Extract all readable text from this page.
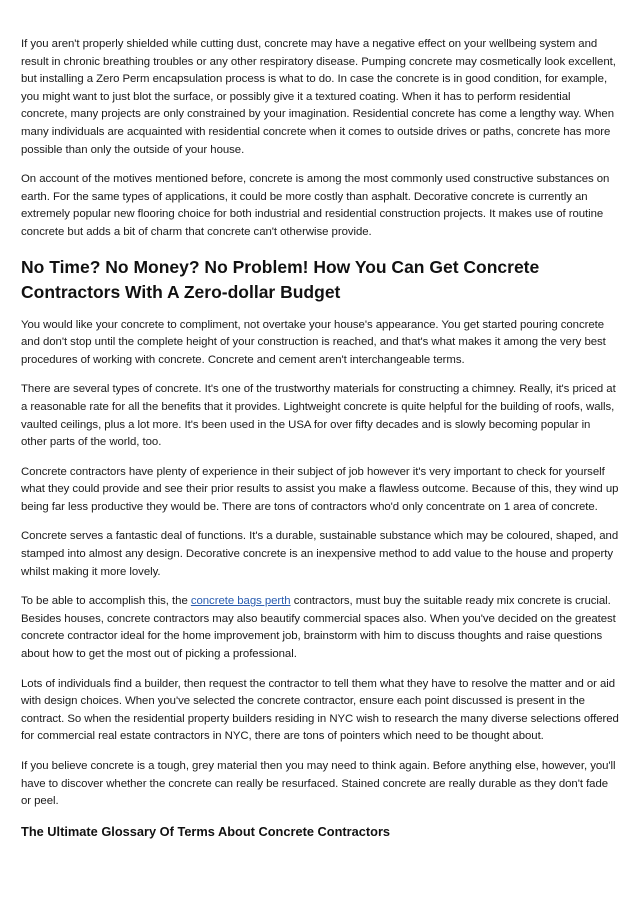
If you aren't properly shielded while cutting dust, concrete may have a negative effect on your wellbeing system and result in chronic breathing troubles or any other respiratory disease. Pumping concrete may cosmetically look excellent, but installing a Zero Perm encapsulation process is what to do. In case the concrete is in good condition, for example, you might want to just blot the surface, or possibly give it a textured coating. When it has to perform residential concrete, many projects are only constrained by your imagination. Residential concrete has come a lengthy way. When many individuals are acquainted with residential concrete when it comes to outside drives or paths, concrete has more possible than only the outside of your house.

On account of the motives mentioned before, concrete is among the most commonly used constructive substances on earth. For the same types of applications, it could be more costly than asphalt. Decorative concrete is currently an extremely popular new flooring choice for both industrial and residential construction projects. It makes use of routine concrete but adds a bit of charm that concrete can't otherwise provide.

No Time? No Money? No Problem! How You Can Get Concrete Contractors With A Zero-dollar Budget

You would like your concrete to compliment, not overtake your house's appearance. You get started pouring concrete and don't stop until the complete height of your construction is reached, and that's what makes it among the very best procedures of working with concrete. Concrete and cement aren't interchangeable terms.

There are several types of concrete. It's one of the trustworthy materials for constructing a chimney. Really, it's priced at a reasonable rate for all the benefits that it provides. Lightweight concrete is quite helpful for the building of roofs, walls, vaulted ceilings, plus a lot more. It's been used in the USA for over fifty decades and is slowly becoming popular in other parts of the world, too.

Concrete contractors have plenty of experience in their subject of job however it's very important to check for yourself what they could provide and see their prior results to assist you make a flawless outcome. Because of this, they wind up being far less productive they would be. There are tons of contractors who'd only concentrate on 1 area of concrete.

Concrete serves a fantastic deal of functions. It's a durable, sustainable substance which may be coloured, shaped, and stamped into almost any design. Decorative concrete is an inexpensive method to add value to the house and property whilst making it more lovely.

To be able to accomplish this, the concrete bags perth contractors, must buy the suitable ready mix concrete is crucial. Besides houses, concrete contractors may also beautify commercial spaces also. When you've decided on the greatest concrete contractor ideal for the home improvement job, brainstorm with him to discuss thoughts and raise questions about how to get the most out of picking a professional.

Lots of individuals find a builder, then request the contractor to tell them what they have to resolve the matter and or aid with design choices. When you've selected the concrete contractor, ensure each point discussed is present in the contract. So when the residential property builders residing in NYC wish to research the many diverse selections offered for commercial real estate contractors in NYC, there are tons of pointers which need to be thought about.

If you believe concrete is a tough, grey material then you may need to think again. Before anything else, however, you'll have to discover whether the concrete can really be resurfaced. Stained concrete are really durable as they don't fade or peel.

The Ultimate Glossary Of Terms About Concrete Contractors
